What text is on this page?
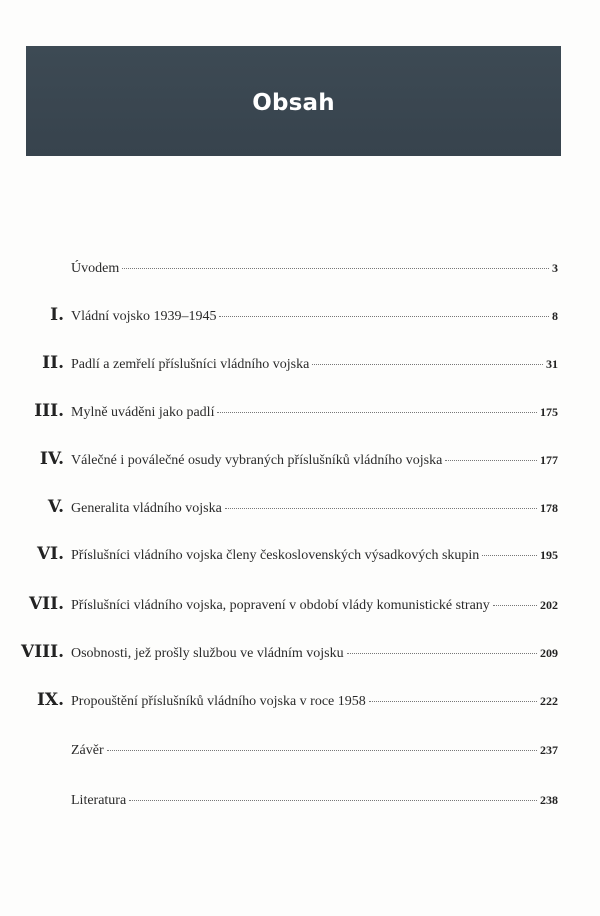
Obsah
Úvodem	3
I. Vládní vojsko 1939–1945	8
II. Padlí a zemřelí příslušníci vládního vojska	31
III. Mylně uváděni jako padlí	175
IV. Válečné i poválečné osudy vybraných příslušníků vládního vojska	177
V. Generalita vládního vojska	178
VI. Příslušníci vládního vojska členy československých výsadkových skupin	195
VII. Příslušníci vládního vojska, popravení v období vlády komunistické strany	202
VIII. Osobnosti, jež prošly službou ve vládním vojsku	209
IX. Propouštění příslušníků vládního vojska v roce 1958	222
Závěr	237
Literatura	238
